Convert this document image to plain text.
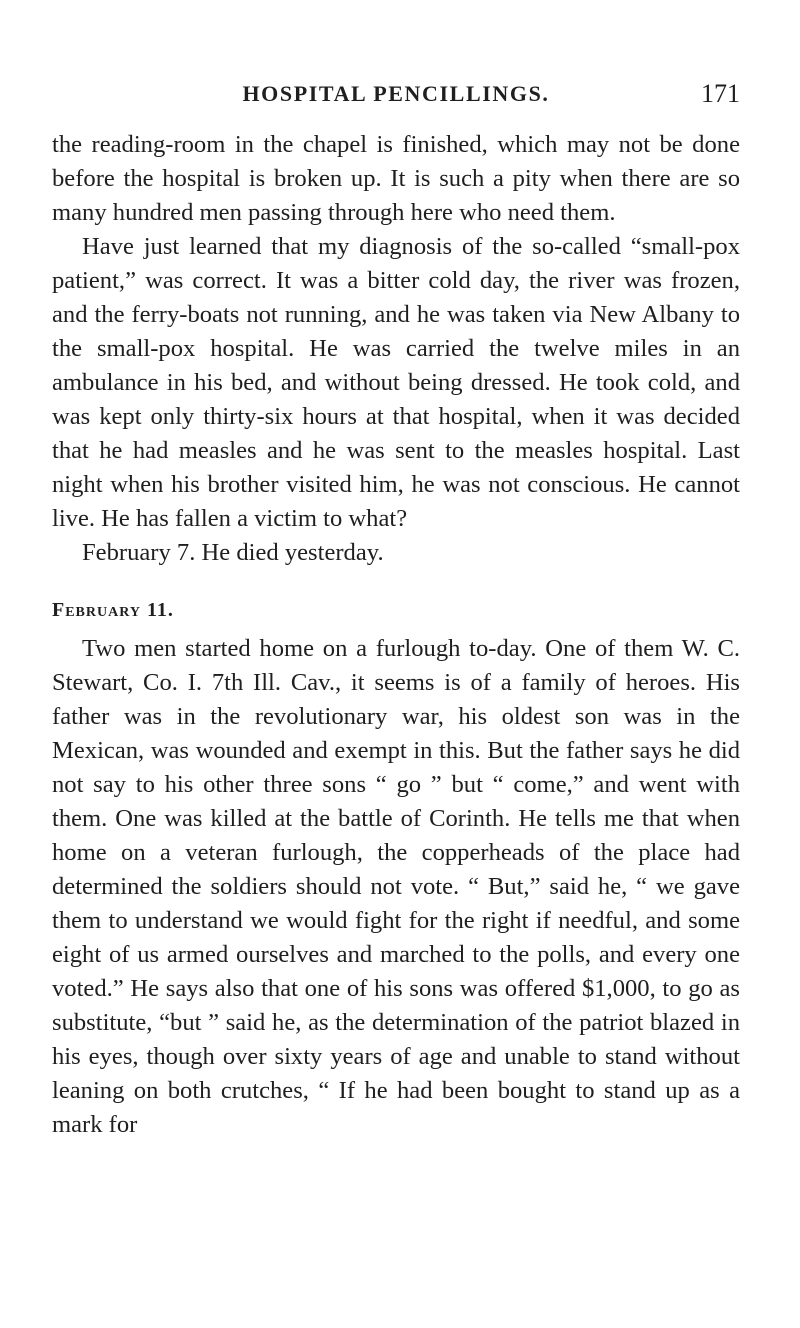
HOSPITAL PENCILLINGS.	171

the reading-room in the chapel is finished, which may not be done before the hospital is broken up. It is such a pity when there are so many hundred men passing through here who need them.

Have just learned that my diagnosis of the so-called “small-pox patient,” was correct. It was a bitter cold day, the river was frozen, and the ferry-boats not running, and he was taken via New Albany to the small-pox hospital. He was carried the twelve miles in an ambulance in his bed, and without being dressed. He took cold, and was kept only thirty-six hours at that hospital, when it was decided that he had measles and he was sent to the measles hospital. Last night when his brother visited him, he was not conscious. He cannot live. He has fallen a victim to what?

February 7. He died yesterday.

February 11.

Two men started home on a furlough to-day. One of them W. C. Stewart, Co. I. 7th Ill. Cav., it seems is of a family of heroes. His father was in the revolutionary war, his oldest son was in the Mexican, was wounded and exempt in this. But the father says he did not say to his other three sons “ go ” but “ come,” and went with them. One was killed at the battle of Corinth. He tells me that when home on a veteran furlough, the copperheads of the place had determined the soldiers should not vote. “ But,” said he, “ we gave them to understand we would fight for the right if needful, and some eight of us armed ourselves and marched to the polls, and every one voted.” He says also that one of his sons was offered $1,000, to go as substitute, “but ” said he, as the determination of the patriot blazed in his eyes, though over sixty years of age and unable to stand without leaning on both crutches, “ If he had been bought to stand up as a mark for
